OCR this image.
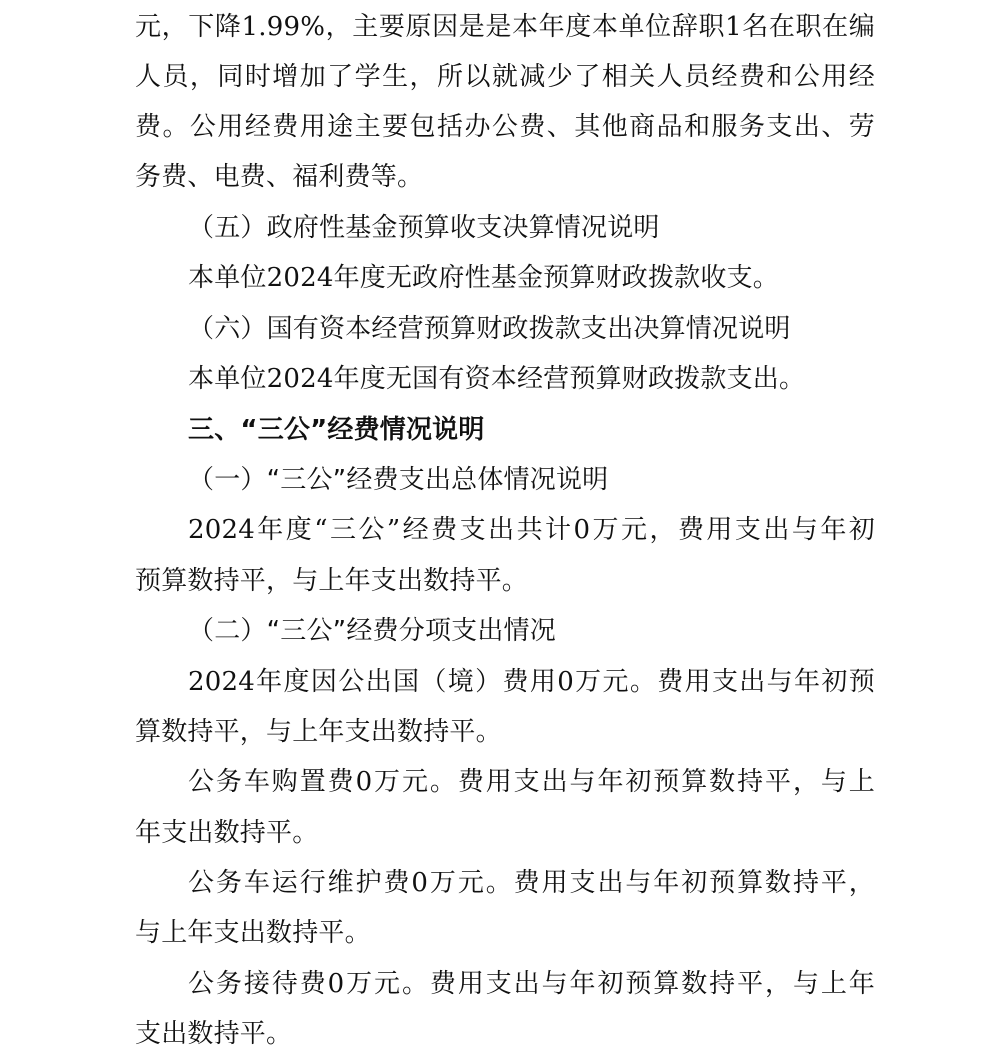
元，下降1.99%，主要原因是是本年度本单位辞职1名在职在编
人员，同时增加了学生，所以就减少了相关人员经费和公用经
费。公用经费用途主要包括办公费、其他商品和服务支出、劳
务费、电费、福利费等。
（五）政府性基金预算收支决算情况说明
本单位2024年度无政府性基金预算财政拨款收支。
（六）国有资本经营预算财政拨款支出决算情况说明
本单位2024年度无国有资本经营预算财政拨款支出。
三、“三公”经费情况说明
（一）“三公”经费支出总体情况说明
2024年度“三公”经费支出共计0万元，费用支出与年初
预算数持平，与上年支出数持平。
（二）“三公”经费分项支出情况
2024年度因公出国（境）费用0万元。费用支出与年初预
算数持平，与上年支出数持平。
公务车购置费0万元。费用支出与年初预算数持平，与上
年支出数持平。
公务车运行维护费0万元。费用支出与年初预算数持平，
与上年支出数持平。
公务接待费0万元。费用支出与年初预算数持平，与上年
支出数持平。
